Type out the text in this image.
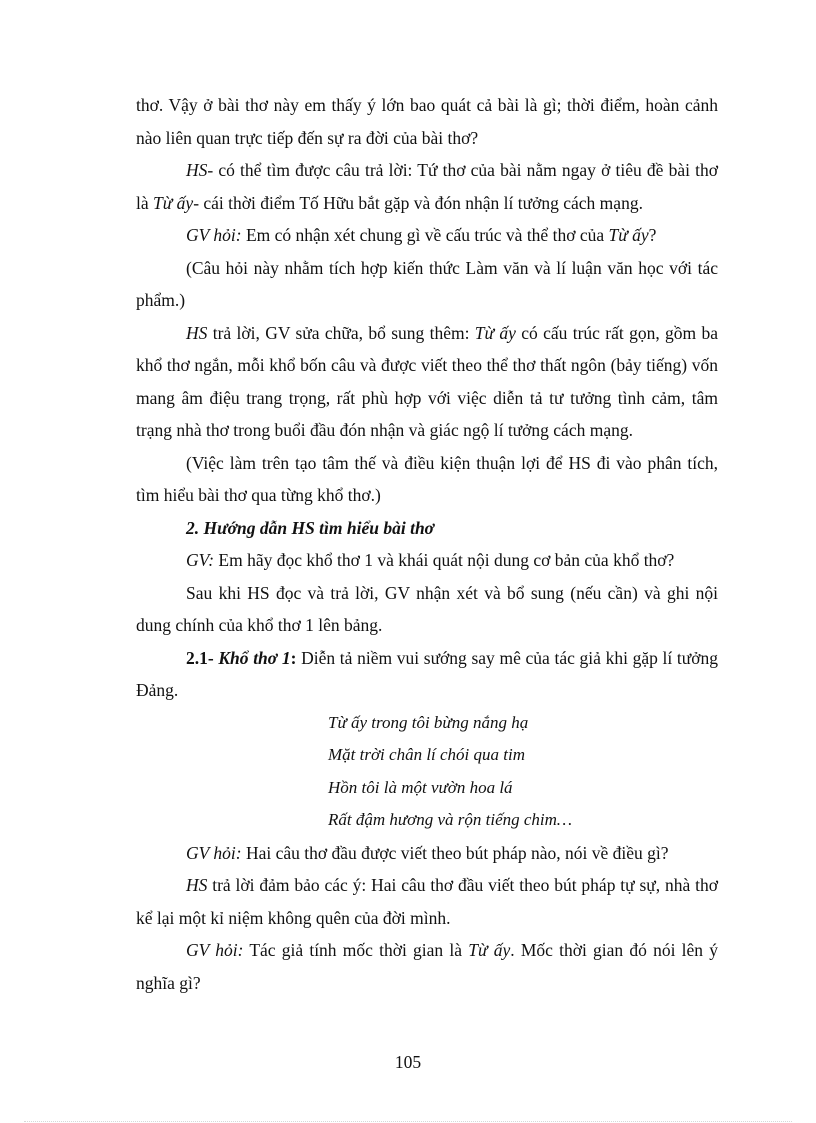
thơ. Vậy ở bài thơ này em thấy ý lớn bao quát cả bài là gì; thời điểm, hoàn cảnh nào liên quan trực tiếp đến sự ra đời của bài thơ?

HS- có thể tìm được câu trả lời: Tứ thơ của bài nằm ngay ở tiêu đề bài thơ là Từ ấy- cái thời điểm Tố Hữu bắt gặp và đón nhận lí tưởng cách mạng.

GV hỏi: Em có nhận xét chung gì về cấu trúc và thể thơ của Từ ấy?

(Câu hỏi này nhằm tích hợp kiến thức Làm văn và lí luận văn học với tác phẩm.)

HS trả lời, GV sửa chữa, bổ sung thêm: Từ ấy có cấu trúc rất gọn, gồm ba khổ thơ ngắn, mỗi khổ bốn câu và được viết theo thể thơ thất ngôn (bảy tiếng) vốn mang âm điệu trang trọng, rất phù hợp với việc diễn tả tư tưởng tình cảm, tâm trạng nhà thơ trong buổi đầu đón nhận và giác ngộ lí tưởng cách mạng.

(Việc làm trên tạo tâm thế và điều kiện thuận lợi để HS đi vào phân tích, tìm hiểu bài thơ qua từng khổ thơ.)

2. Hướng dẫn HS tìm hiểu bài thơ

GV: Em hãy đọc khổ thơ 1 và khái quát nội dung cơ bản của khổ thơ?

Sau khi HS đọc và trả lời, GV nhận xét và bổ sung (nếu cần) và ghi nội dung chính của khổ thơ 1 lên bảng.

2.1- Khổ thơ 1: Diễn tả niềm vui sướng say mê của tác giả khi gặp lí tưởng Đảng.

Từ ấy trong tôi bừng nắng hạ
Mặt trời chân lí chói qua tim
Hồn tôi là một vườn hoa lá
Rất đậm hương và rộn tiếng chim…

GV hỏi: Hai câu thơ đầu được viết theo bút pháp nào, nói về điều gì?

HS trả lời đảm bảo các ý: Hai câu thơ đầu viết theo bút pháp tự sự, nhà thơ kể lại một kỉ niệm không quên của đời mình.

GV hỏi: Tác giả tính mốc thời gian là Từ ấy. Mốc thời gian đó nói lên ý nghĩa gì?

105
